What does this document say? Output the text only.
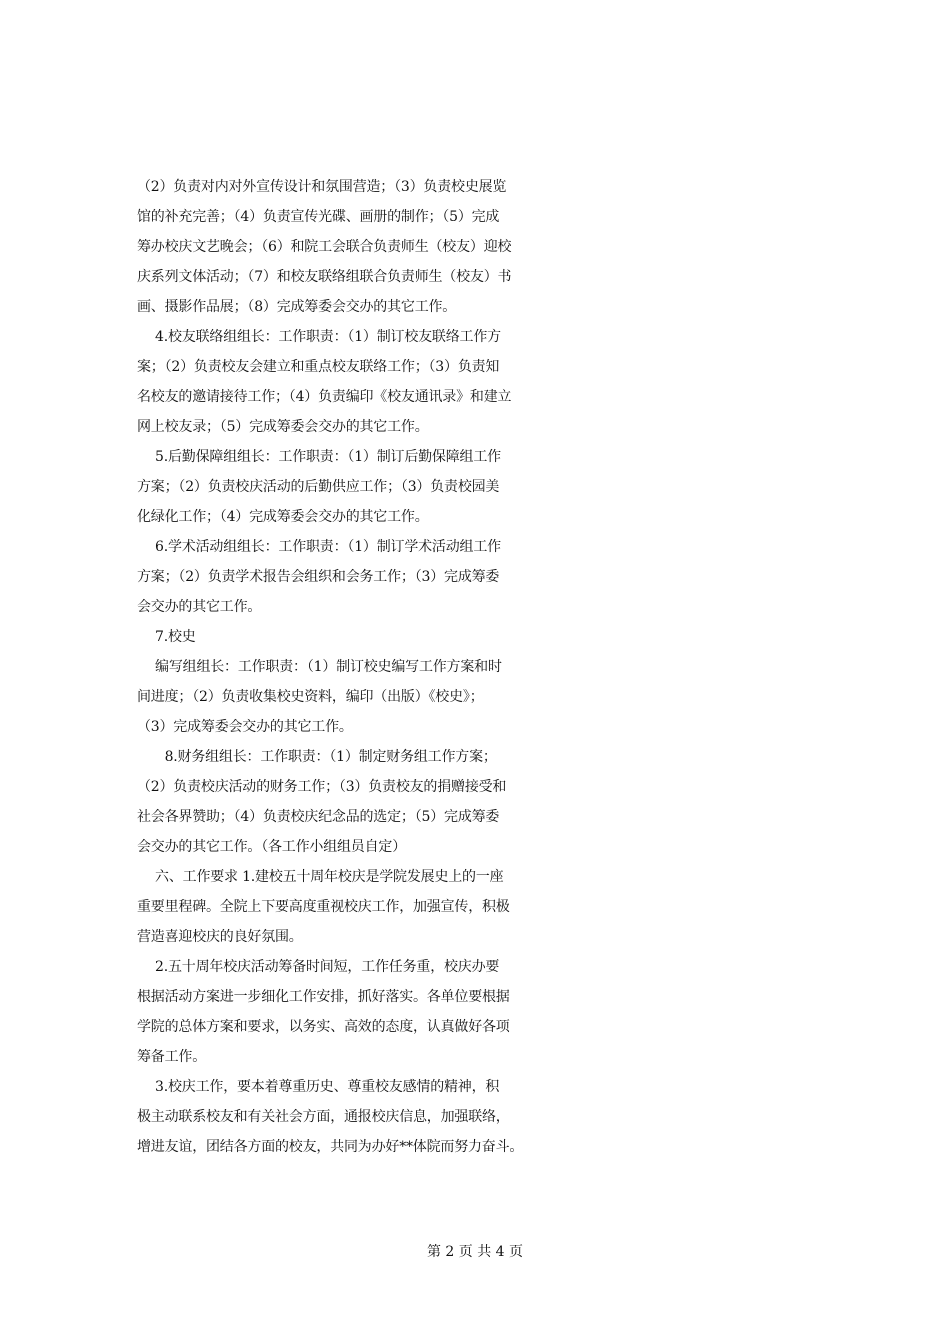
（2）负责对内对外宣传设计和氛围营造；（3）负责校史展览
馆的补充完善；（4）负责宣传光碟、画册的制作；（5）完成
筹办校庆文艺晚会；（6）和院工会联合负责师生（校友）迎校
庆系列文体活动；（7）和校友联络组联合负责师生（校友）书
画、摄影作品展；（8）完成筹委会交办的其它工作。
　 4.校友联络组组长：工作职责：（1）制订校友联络工作方
案；（2）负责校友会建立和重点校友联络工作；（3）负责知
名校友的邀请接待工作；（4）负责编印《校友通讯录》和建立
网上校友录；（5）完成筹委会交办的其它工作。
　 5.后勤保障组组长：工作职责：（1）制订后勤保障组工作
方案；（2）负责校庆活动的后勤供应工作；（3）负责校园美
化绿化工作；（4）完成筹委会交办的其它工作。
　 6.学术活动组组长：工作职责：（1）制订学术活动组工作
方案；（2）负责学术报告会组织和会务工作；（3）完成筹委
会交办的其它工作。
　 7.校史
　 编写组组长：工作职责：（1）制订校史编写工作方案和时
间进度；（2）负责收集校史资料，编印（出版）《校史》；
（3）完成筹委会交办的其它工作。
　　8.财务组组长：工作职责：（1）制定财务组工作方案；
（2）负责校庆活动的财务工作；（3）负责校友的捐赠接受和
社会各界赞助；（4）负责校庆纪念品的选定；（5）完成筹委
会交办的其它工作。（各工作小组组员自定）
　 六、工作要求 1.建校五十周年校庆是学院发展史上的一座
重要里程碑。全院上下要高度重视校庆工作，加强宣传，积极
营造喜迎校庆的良好氛围。
　 2.五十周年校庆活动筹备时间短，工作任务重，校庆办要
根据活动方案进一步细化工作安排，抓好落实。各单位要根据
学院的总体方案和要求，以务实、高效的态度，认真做好各项
筹备工作。
　 3.校庆工作，要本着尊重历史、尊重校友感情的精神，积
极主动联系校友和有关社会方面，通报校庆信息，加强联络，
增进友谊，团结各方面的校友，共同为办好**体院而努力奋斗。
第 2 页 共 4 页
